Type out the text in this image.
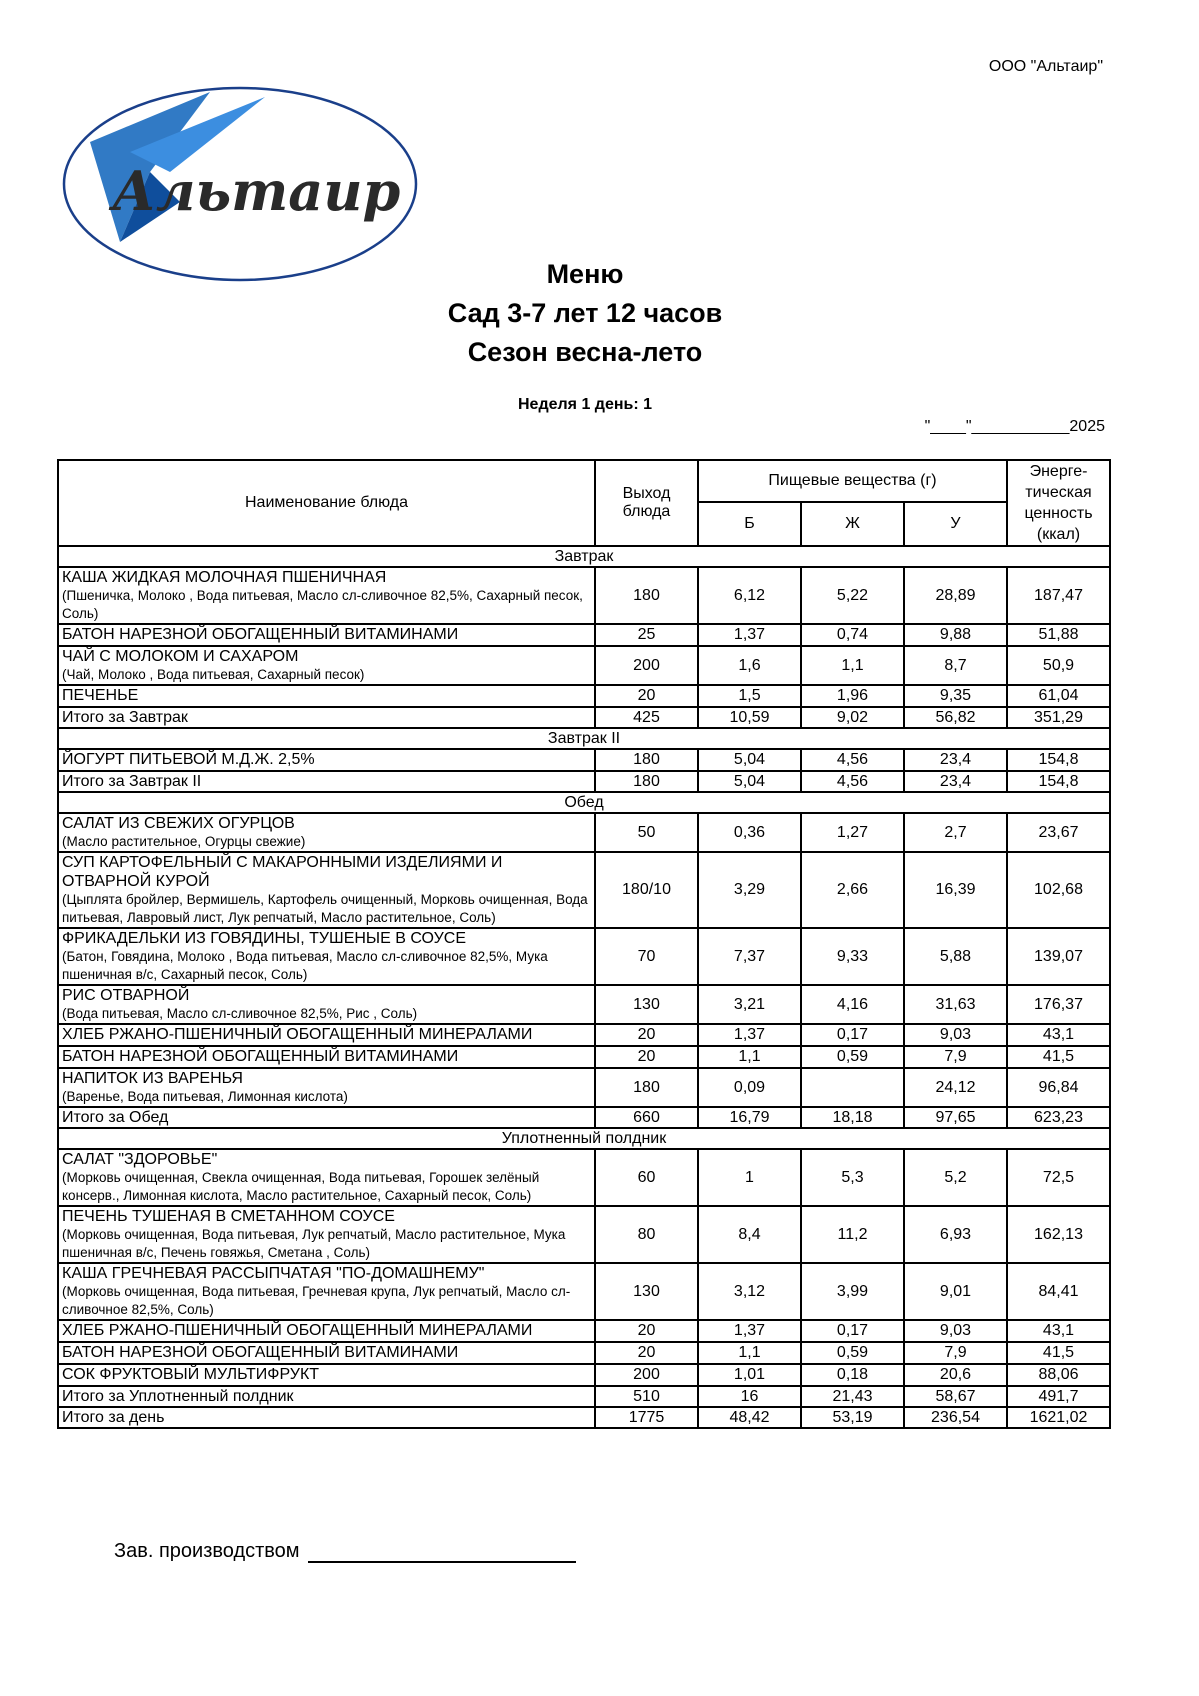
ООО "Альтаир"
Альтаир
Меню
Сад 3-7 лет 12 часов
Сезон весна-лето
Неделя 1 день: 1
"____"___________2025
Наименование блюда	Выход блюда	Пищевые вещества (г)			Энерге-тическая ценность (ккал)
		Б	Ж	У	
Завтрак					

КАША ЖИДКАЯ МОЛОЧНАЯ ПШЕНИЧНАЯ
(Пшеничка, Молоко , Вода питьевая, Масло сл-сливочное 82,5%, Сахарный песок, Соль)	180	6,12	5,22	28,89	187,47

БАТОН НАРЕЗНОЙ ОБОГАЩЕННЫЙ ВИТАМИНАМИ	25	1,37	0,74	9,88	51,88

ЧАЙ С МОЛОКОМ И САХАРОМ
(Чай, Молоко , Вода питьевая, Сахарный песок)	200	1,6	1,1	8,7	50,9

ПЕЧЕНЬЕ	20	1,5	1,96	9,35	61,04
Итого за Завтрак	425	10,59	9,02	56,82	351,29
Завтрак II					

ЙОГУРТ ПИТЬЕВОЙ М.Д.Ж. 2,5%	180	5,04	4,56	23,4	154,8
Итого за Завтрак II	180	5,04	4,56	23,4	154,8
Обед					

САЛАТ ИЗ СВЕЖИХ ОГУРЦОВ
(Масло растительное, Огурцы свежие)	50	0,36	1,27	2,7	23,67

СУП КАРТОФЕЛЬНЫЙ С МАКАРОННЫМИ ИЗДЕЛИЯМИ И ОТВАРНОЙ КУРОЙ
(Цыплята бройлер, Вермишель, Картофель очищенный, Морковь очищенная, Вода питьевая, Лавровый лист, Лук репчатый, Масло растительное, Соль)	180/10	3,29	2,66	16,39	102,68

ФРИКАДЕЛЬКИ ИЗ ГОВЯДИНЫ, ТУШЕНЫЕ В СОУСЕ
(Батон, Говядина, Молоко , Вода питьевая, Масло сл-сливочное 82,5%, Мука пшеничная в/с, Сахарный песок, Соль)	70	7,37	9,33	5,88	139,07

РИС ОТВАРНОЙ
(Вода питьевая, Масло сл-сливочное 82,5%, Рис , Соль)	130	3,21	4,16	31,63	176,37

ХЛЕБ РЖАНО-ПШЕНИЧНЫЙ ОБОГАЩЕННЫЙ МИНЕРАЛАМИ	20	1,37	0,17	9,03	43,1

БАТОН НАРЕЗНОЙ ОБОГАЩЕННЫЙ ВИТАМИНАМИ	20	1,1	0,59	7,9	41,5

НАПИТОК ИЗ ВАРЕНЬЯ
(Варенье, Вода питьевая, Лимонная кислота)	180	0,09		24,12	96,84
Итого за Обед	660	16,79	18,18	97,65	623,23
Уплотненный полдник					

САЛАТ "ЗДОРОВЬЕ"
(Морковь очищенная, Свекла очищенная, Вода питьевая, Горошек зелёный консерв., Лимонная кислота, Масло растительное, Сахарный песок, Соль)	60	1	5,3	5,2	72,5

ПЕЧЕНЬ ТУШЕНАЯ В СМЕТАННОМ СОУСЕ
(Морковь очищенная, Вода питьевая, Лук репчатый, Масло растительное, Мука пшеничная в/с, Печень говяжья, Сметана , Соль)	80	8,4	11,2	6,93	162,13

КАША ГРЕЧНЕВАЯ РАССЫПЧАТАЯ "ПО-ДОМАШНЕМУ"
(Морковь очищенная, Вода питьевая, Гречневая крупа, Лук репчатый, Масло сл-сливочное 82,5%, Соль)	130	3,12	3,99	9,01	84,41

ХЛЕБ РЖАНО-ПШЕНИЧНЫЙ ОБОГАЩЕННЫЙ МИНЕРАЛАМИ	20	1,37	0,17	9,03	43,1

БАТОН НАРЕЗНОЙ ОБОГАЩЕННЫЙ ВИТАМИНАМИ	20	1,1	0,59	7,9	41,5

СОК ФРУКТОВЫЙ МУЛЬТИФРУКТ	200	1,01	0,18	20,6	88,06
Итого за Уплотненный полдник	510	16	21,43	58,67	491,7
Итого за день	1775	48,42	53,19	236,54	1621,02
Зав. производством
